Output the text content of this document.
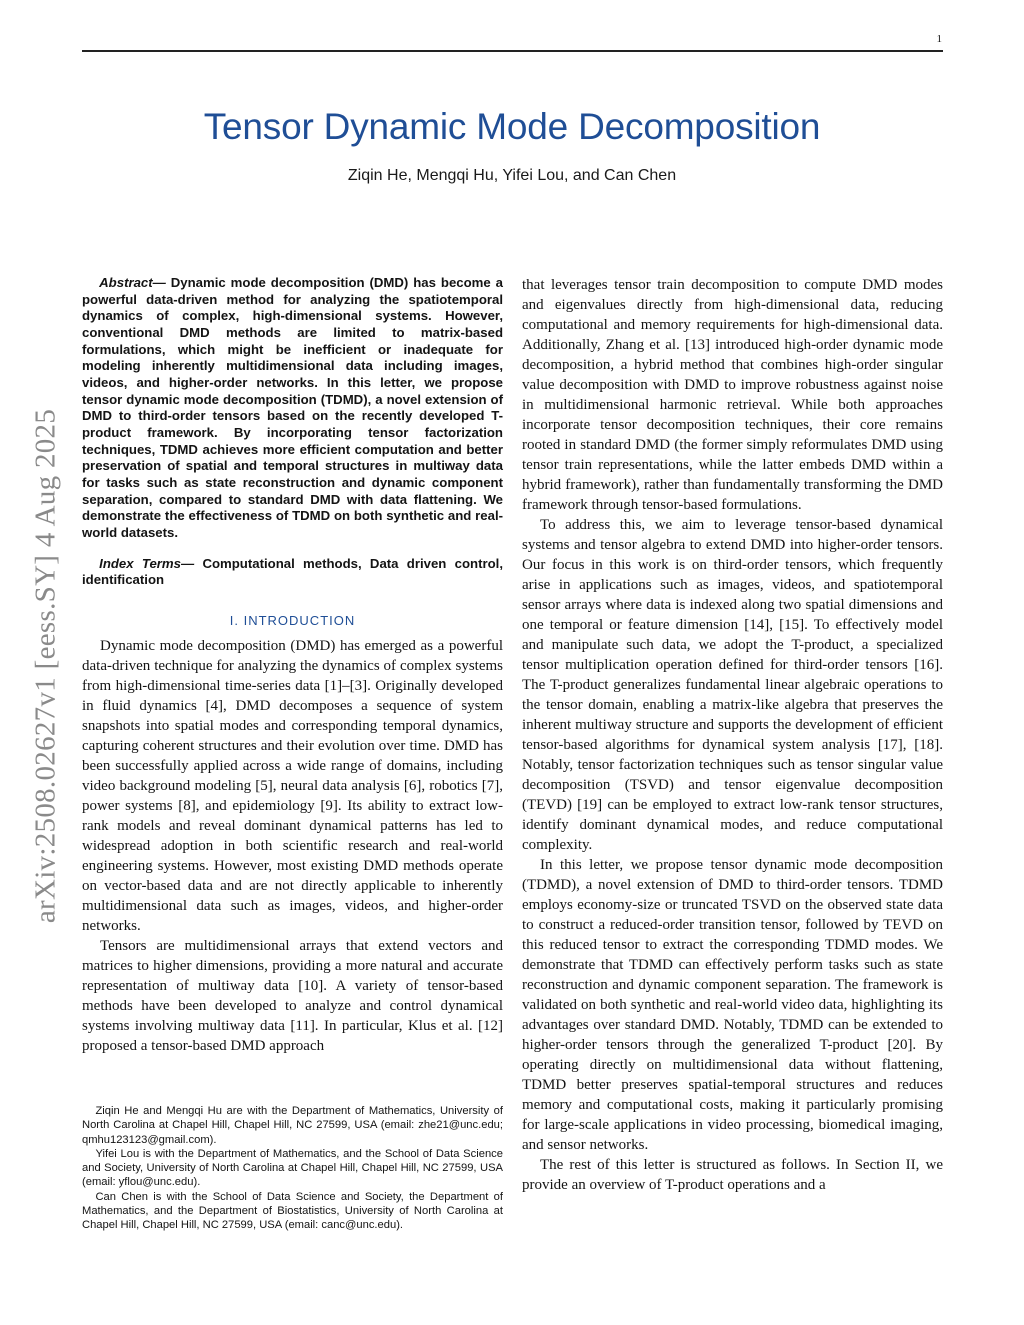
1
Tensor Dynamic Mode Decomposition
Ziqin He, Mengqi Hu, Yifei Lou, and Can Chen
arXiv:2508.02627v1 [eess.SY] 4 Aug 2025

Abstract— Dynamic mode decomposition (DMD) has become a powerful data-driven method for analyzing the spatiotemporal dynamics of complex, high-dimensional systems. However, conventional DMD methods are limited to matrix-based formulations, which might be inefficient or inadequate for modeling inherently multidimensional data including images, videos, and higher-order networks. In this letter, we propose tensor dynamic mode decomposition (TDMD), a novel extension of DMD to third-order tensors based on the recently developed T-product framework. By incorporating tensor factorization techniques, TDMD achieves more efficient computation and better preservation of spatial and temporal structures in multiway data for tasks such as state reconstruction and dynamic component separation, compared to standard DMD with data flattening. We demonstrate the effectiveness of TDMD on both synthetic and real-world datasets.

Index Terms— Computational methods, Data driven control, identification

I. INTRODUCTION

Dynamic mode decomposition (DMD) has emerged as a powerful data-driven technique for analyzing the dynamics of complex systems from high-dimensional time-series data [1]–[3]. Originally developed in fluid dynamics [4], DMD decomposes a sequence of system snapshots into spatial modes and corresponding temporal dynamics, capturing coherent structures and their evolution over time. DMD has been successfully applied across a wide range of domains, including video background modeling [5], neural data analysis [6], robotics [7], power systems [8], and epidemiology [9]. Its ability to extract low-rank models and reveal dominant dynamical patterns has led to widespread adoption in both scientific research and real-world engineering systems. However, most existing DMD methods operate on vector-based data and are not directly applicable to inherently multidimensional data such as images, videos, and higher-order networks.

Tensors are multidimensional arrays that extend vectors and matrices to higher dimensions, providing a more natural and accurate representation of multiway data [10]. A variety of tensor-based methods have been developed to analyze and control dynamical systems involving multiway data [11]. In particular, Klus et al. [12] proposed a tensor-based DMD approach

Ziqin He and Mengqi Hu are with the Department of Mathematics, University of North Carolina at Chapel Hill, Chapel Hill, NC 27599, USA (email: zhe21@unc.edu; qmhu123123@gmail.com).

Yifei Lou is with the Department of Mathematics, and the School of Data Science and Society, University of North Carolina at Chapel Hill, Chapel Hill, NC 27599, USA (email: yflou@unc.edu).

Can Chen is with the School of Data Science and Society, the Department of Mathematics, and the Department of Biostatistics, University of North Carolina at Chapel Hill, Chapel Hill, NC 27599, USA (email: canc@unc.edu).

that leverages tensor train decomposition to compute DMD modes and eigenvalues directly from high-dimensional data, reducing computational and memory requirements for high-dimensional data. Additionally, Zhang et al. [13] introduced high-order dynamic mode decomposition, a hybrid method that combines high-order singular value decomposition with DMD to improve robustness against noise in multidimensional harmonic retrieval. While both approaches incorporate tensor decomposition techniques, their core remains rooted in standard DMD (the former simply reformulates DMD using tensor train representations, while the latter embeds DMD within a hybrid framework), rather than fundamentally transforming the DMD framework through tensor-based formulations.

To address this, we aim to leverage tensor-based dynamical systems and tensor algebra to extend DMD into higher-order tensors. Our focus in this work is on third-order tensors, which frequently arise in applications such as images, videos, and spatiotemporal sensor arrays where data is indexed along two spatial dimensions and one temporal or feature dimension [14], [15]. To effectively model and manipulate such data, we adopt the T-product, a specialized tensor multiplication operation defined for third-order tensors [16]. The T-product generalizes fundamental linear algebraic operations to the tensor domain, enabling a matrix-like algebra that preserves the inherent multiway structure and supports the development of efficient tensor-based algorithms for dynamical system analysis [17], [18]. Notably, tensor factorization techniques such as tensor singular value decomposition (TSVD) and tensor eigenvalue decomposition (TEVD) [19] can be employed to extract low-rank tensor structures, identify dominant dynamical modes, and reduce computational complexity.

In this letter, we propose tensor dynamic mode decomposition (TDMD), a novel extension of DMD to third-order tensors. TDMD employs economy-size or truncated TSVD on the observed state data to construct a reduced-order transition tensor, followed by TEVD on this reduced tensor to extract the corresponding TDMD modes. We demonstrate that TDMD can effectively perform tasks such as state reconstruction and dynamic component separation. The framework is validated on both synthetic and real-world video data, highlighting its advantages over standard DMD. Notably, TDMD can be extended to higher-order tensors through the generalized T-product [20]. By operating directly on multidimensional data without flattening, TDMD better preserves spatial-temporal structures and reduces memory and computational costs, making it particularly promising for large-scale applications in video processing, biomedical imaging, and sensor networks.

The rest of this letter is structured as follows. In Section II, we provide an overview of T-product operations and a
